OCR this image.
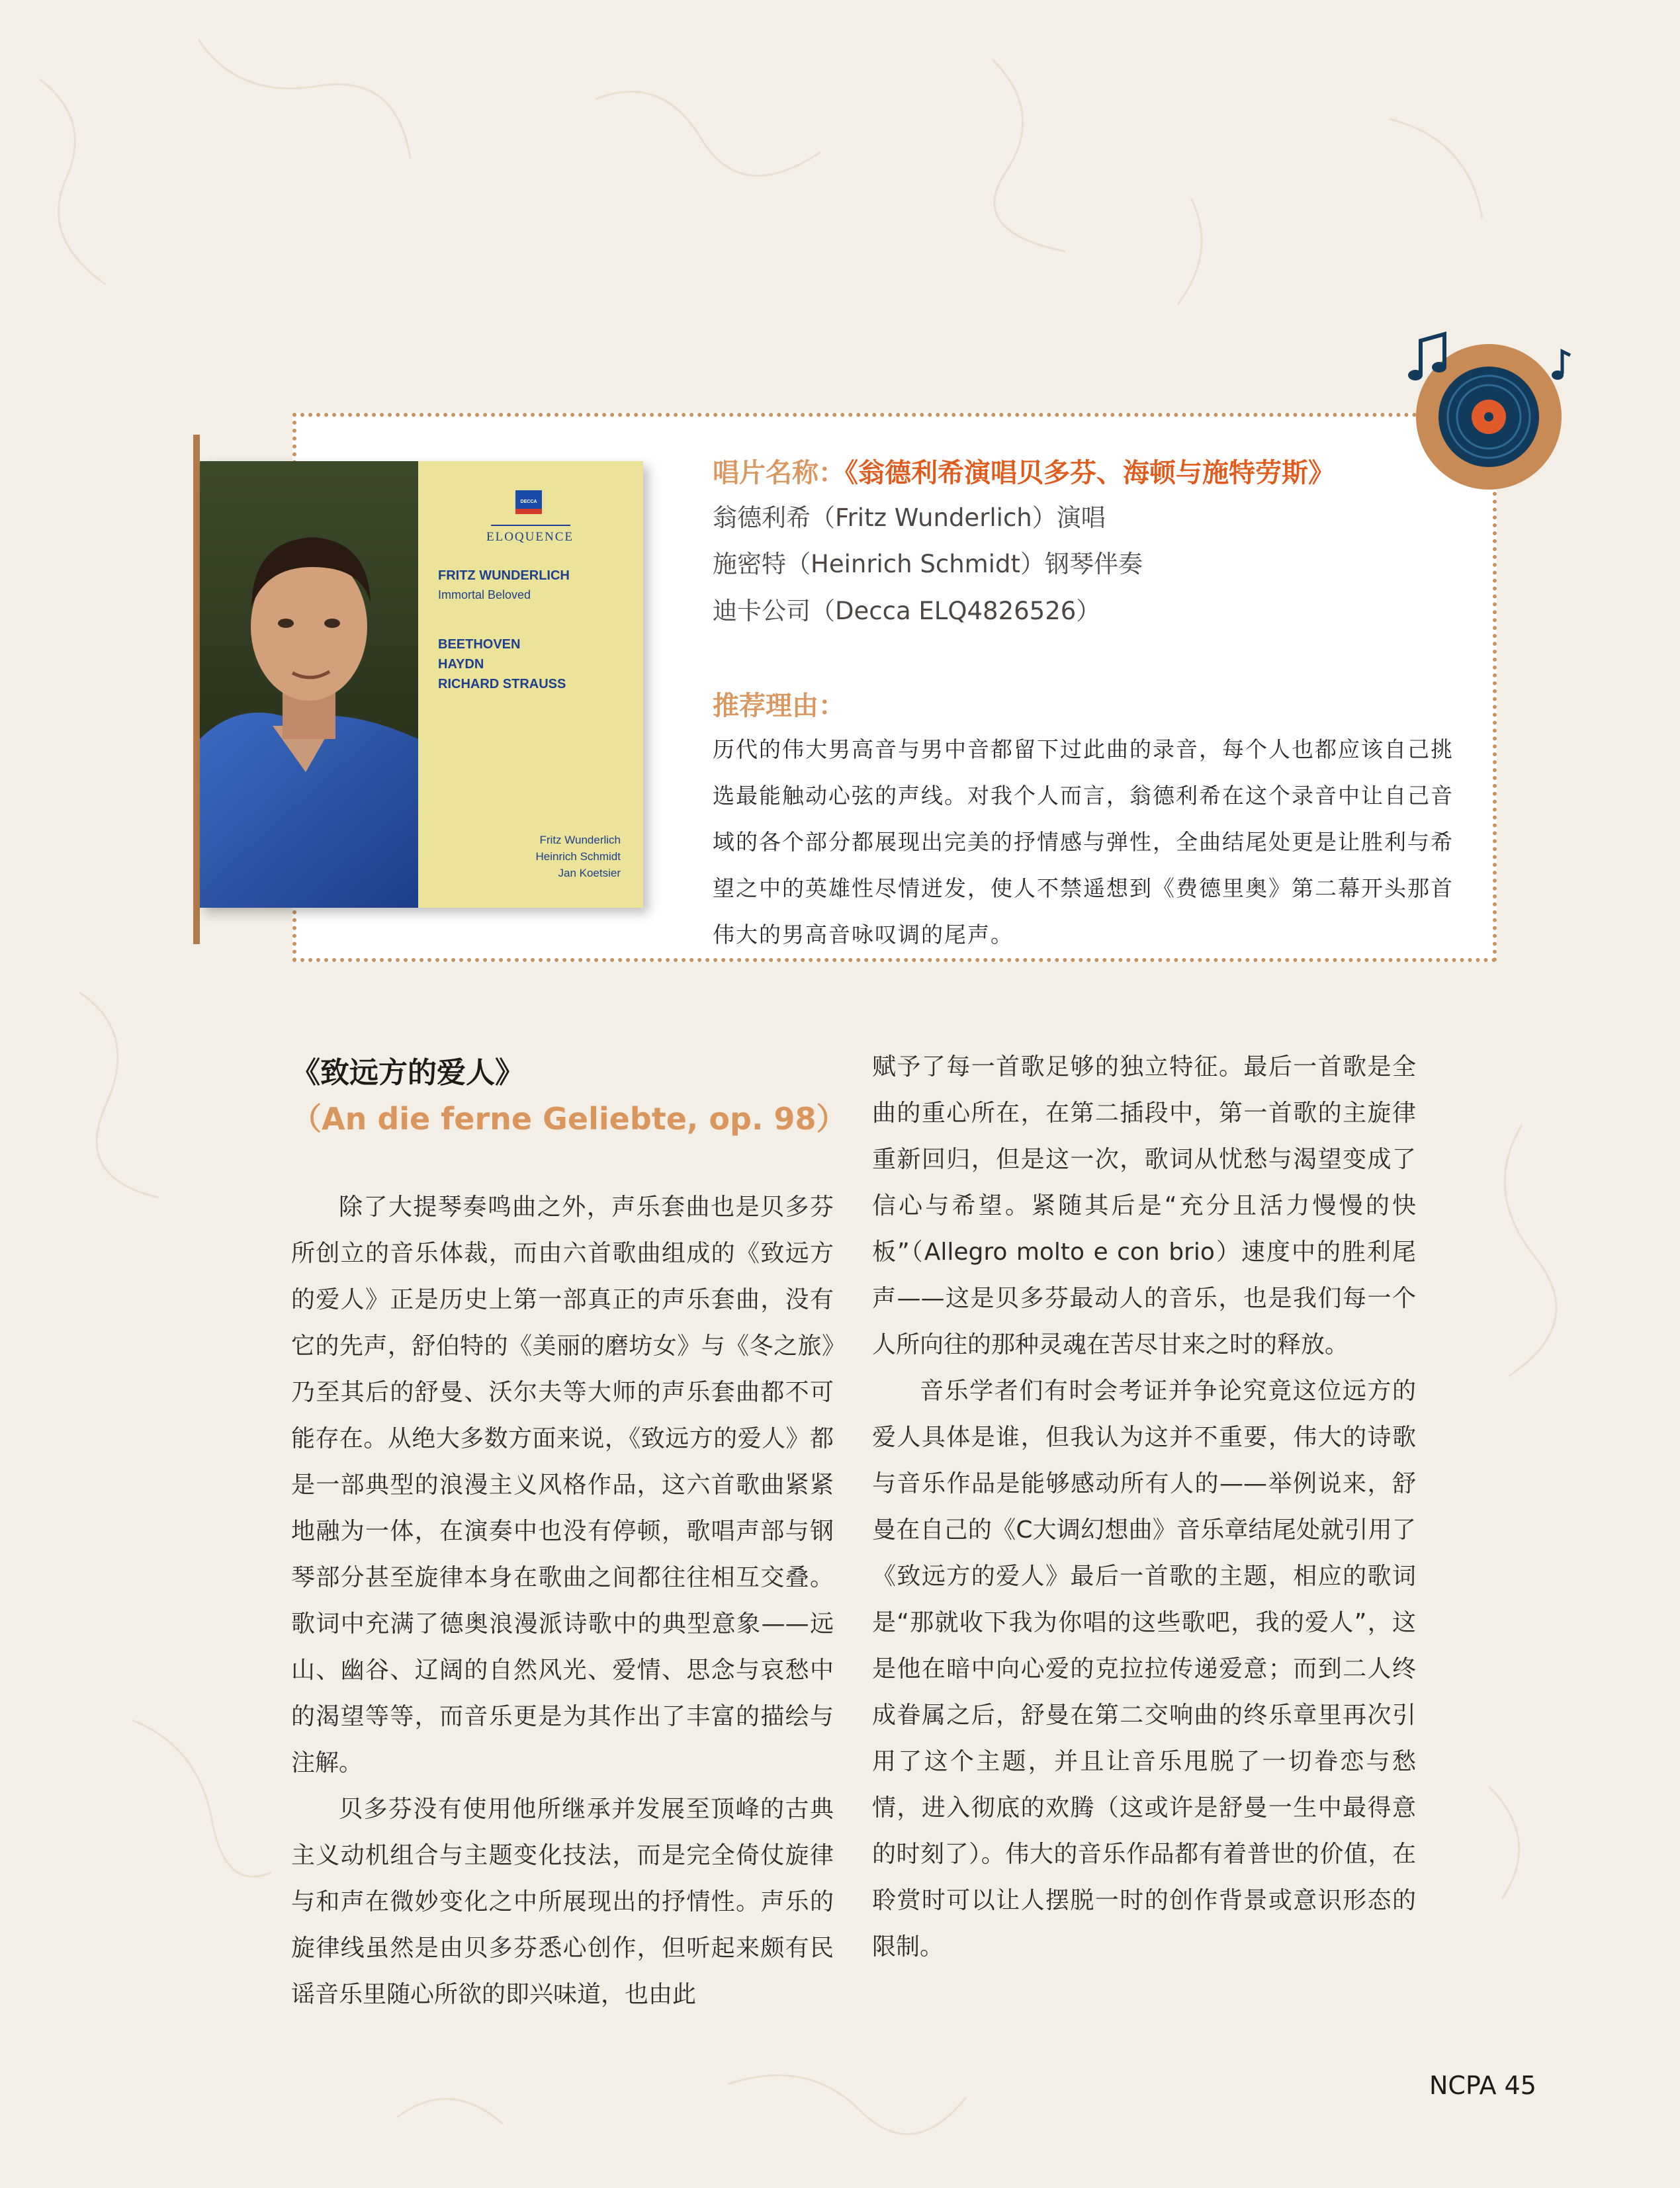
DECCA
ELOQUENCE
FRITZ WUNDERLICH
Immortal Beloved
BEETHOVEN
HAYDN
RICHARD STRAUSS
Fritz Wunderlich
Heinrich Schmidt
Jan Koetsier
唱片名称：《翁德利希演唱贝多芬、海顿与施特劳斯》
翁德利希（Fritz Wunderlich）演唱
施密特（Heinrich Schmidt）钢琴伴奏
迪卡公司（Decca ELQ4826526）
推荐理由：
历代的伟大男高音与男中音都留下过此曲的录音，每个人也都应该自己挑选最能触动心弦的声线。对我个人而言，翁德利希在这个录音中让自己音域的各个部分都展现出完美的抒情感与弹性，全曲结尾处更是让胜利与希望之中的英雄性尽情迸发，使人不禁遥想到《费德里奥》第二幕开头那首伟大的男高音咏叹调的尾声。
《致远方的爱人》
（An die ferne Geliebte, op. 98）

除了大提琴奏鸣曲之外，声乐套曲也是贝多芬所创立的音乐体裁，而由六首歌曲组成的《致远方的爱人》正是历史上第一部真正的声乐套曲，没有它的先声，舒伯特的《美丽的磨坊女》与《冬之旅》乃至其后的舒曼、沃尔夫等大师的声乐套曲都不可能存在。从绝大多数方面来说，《致远方的爱人》都是一部典型的浪漫主义风格作品，这六首歌曲紧紧地融为一体，在演奏中也没有停顿，歌唱声部与钢琴部分甚至旋律本身在歌曲之间都往往相互交叠。歌词中充满了德奥浪漫派诗歌中的典型意象——远山、幽谷、辽阔的自然风光、爱情、思念与哀愁中的渴望等等，而音乐更是为其作出了丰富的描绘与注解。

贝多芬没有使用他所继承并发展至顶峰的古典主义动机组合与主题变化技法，而是完全倚仗旋律与和声在微妙变化之中所展现出的抒情性。声乐的旋律线虽然是由贝多芬悉心创作，但听起来颇有民谣音乐里随心所欲的即兴味道，也由此

赋予了每一首歌足够的独立特征。最后一首歌是全曲的重心所在，在第二插段中，第一首歌的主旋律重新回归，但是这一次，歌词从忧愁与渴望变成了信心与希望。紧随其后是“充分且活力慢慢的快板”（Allegro molto e con brio）速度中的胜利尾声——这是贝多芬最动人的音乐，也是我们每一个人所向往的那种灵魂在苦尽甘来之时的释放。

音乐学者们有时会考证并争论究竟这位远方的爱人具体是谁，但我认为这并不重要，伟大的诗歌与音乐作品是能够感动所有人的——举例说来，舒曼在自己的《C大调幻想曲》音乐章结尾处就引用了《致远方的爱人》最后一首歌的主题，相应的歌词是“那就收下我为你唱的这些歌吧，我的爱人”，这是他在暗中向心爱的克拉拉传递爱意；而到二人终成眷属之后，舒曼在第二交响曲的终乐章里再次引用了这个主题，并且让音乐甩脱了一切眷恋与愁情，进入彻底的欢腾（这或许是舒曼一生中最得意的时刻了）。伟大的音乐作品都有着普世的价值，在聆赏时可以让人摆脱一时的创作背景或意识形态的限制。

NCPA 45
